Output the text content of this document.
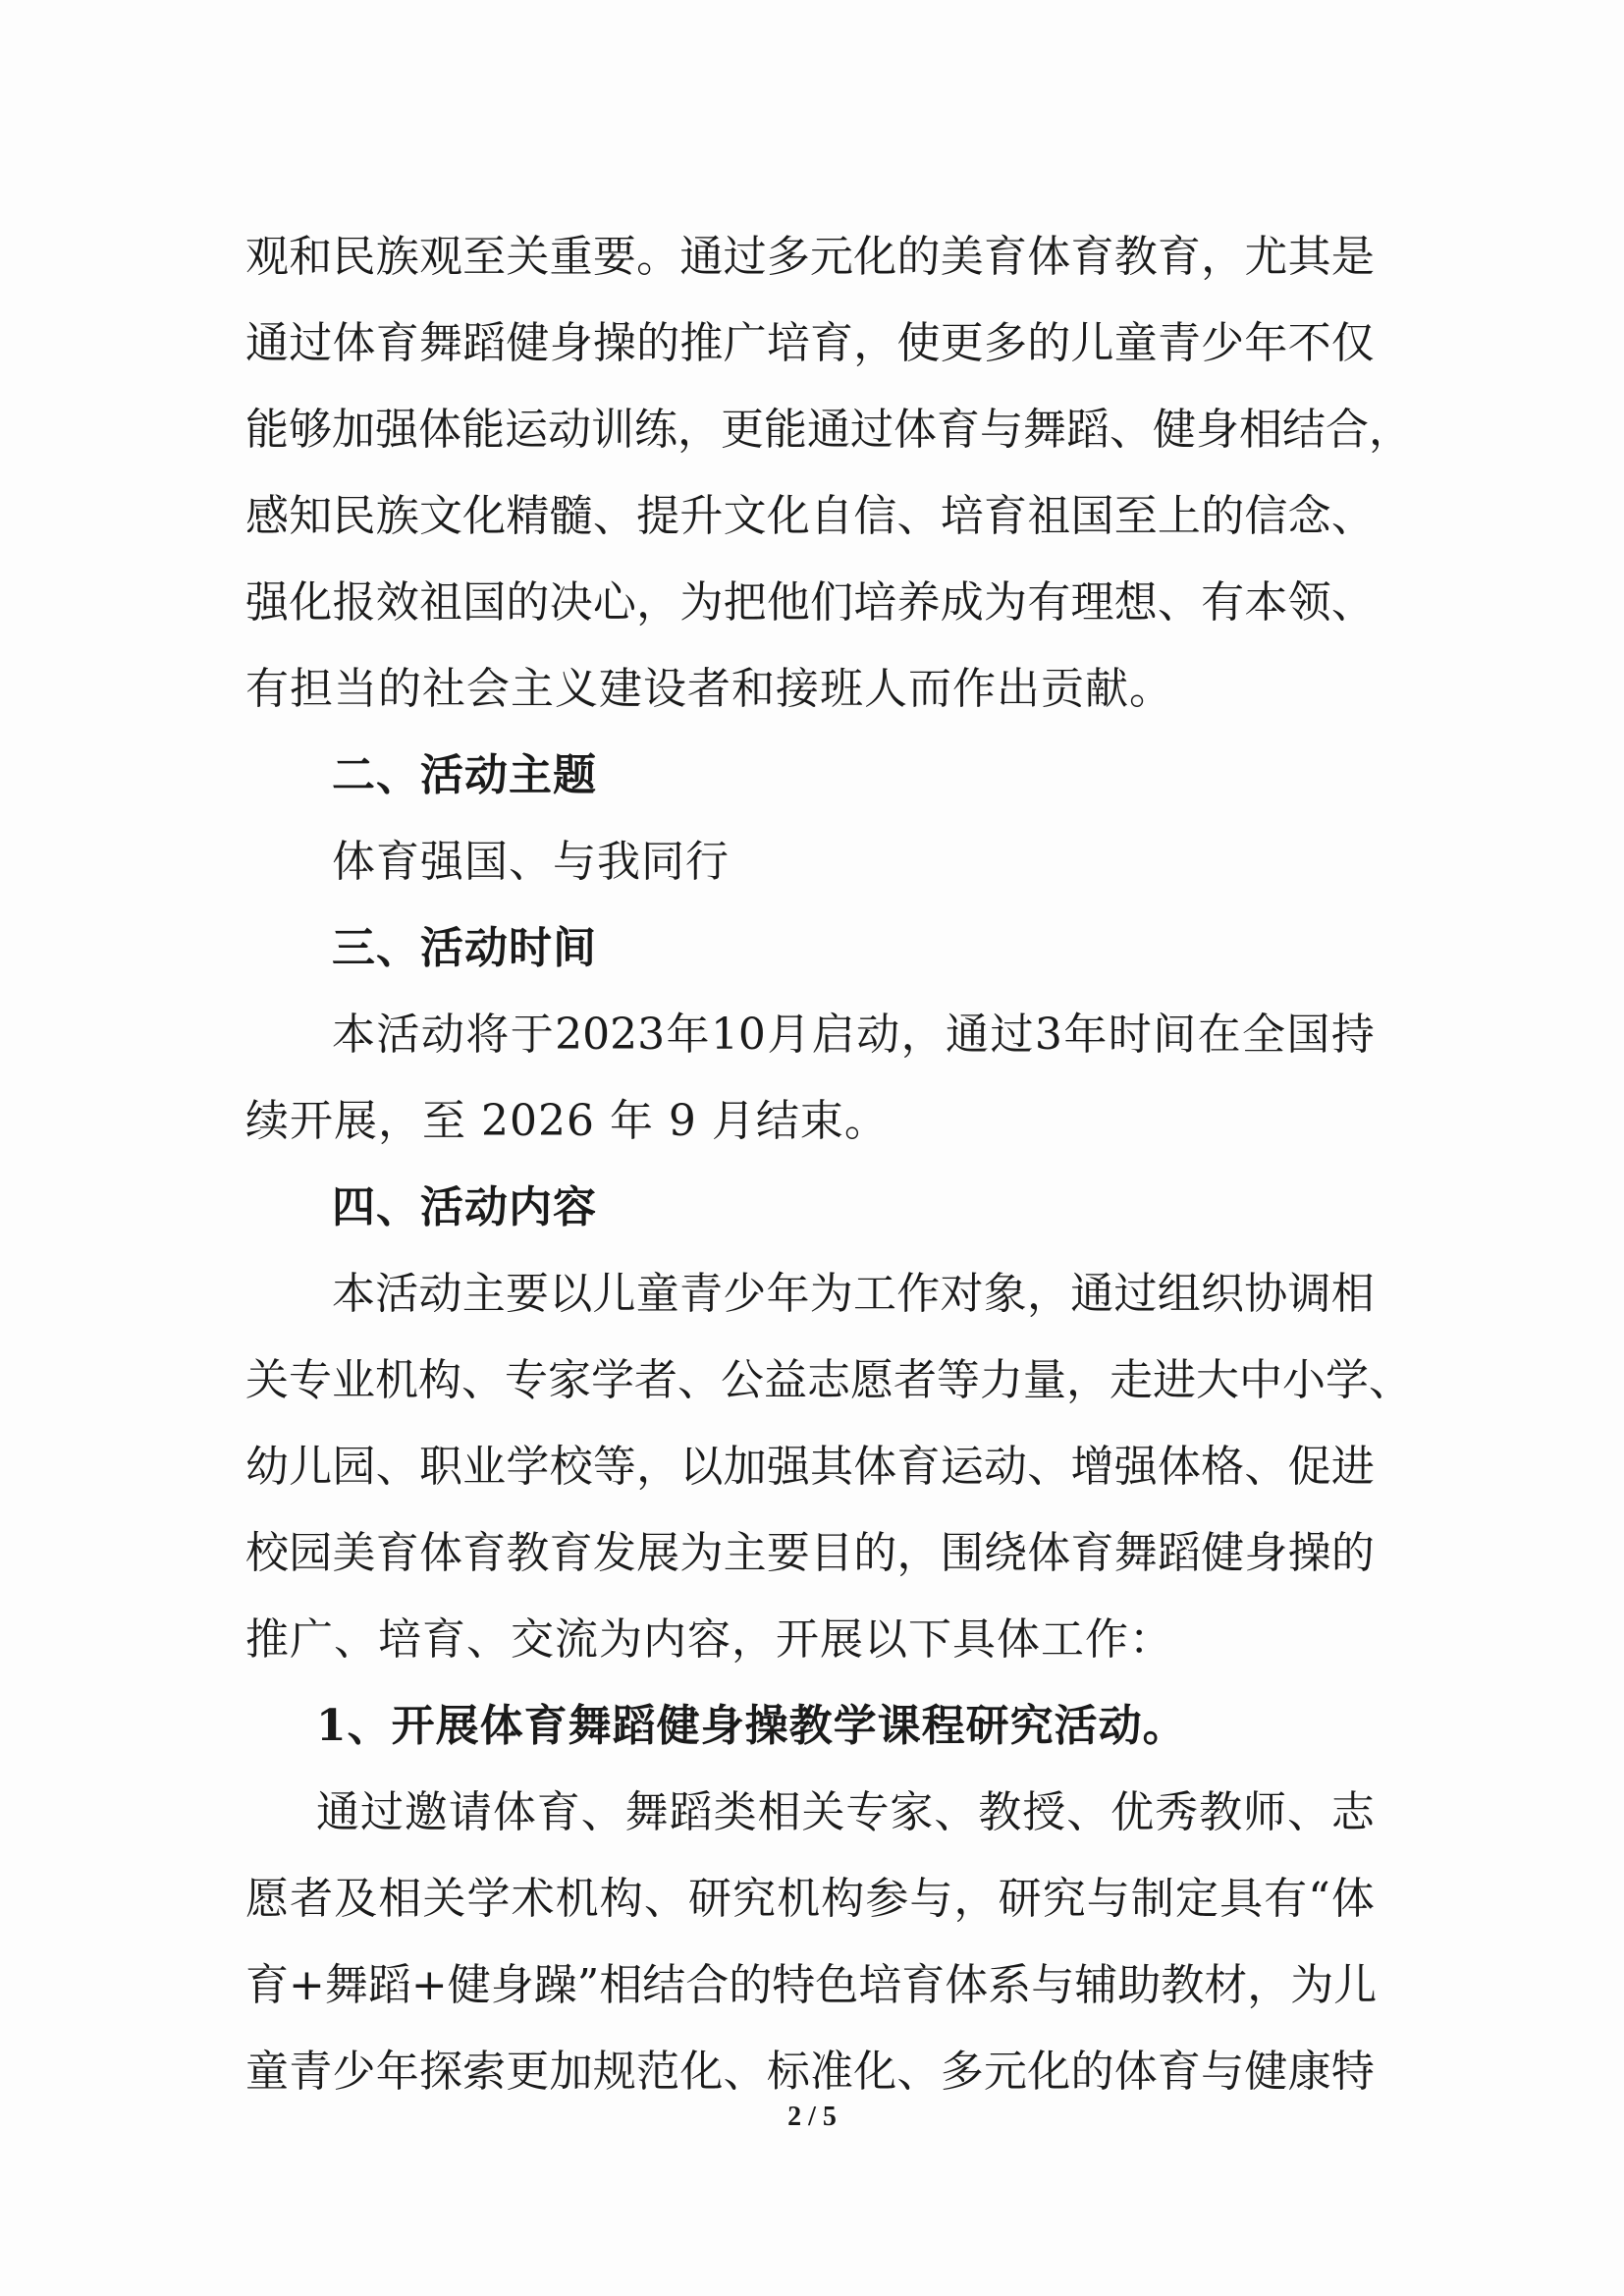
观 和 民 族 观 至 关 重 要 。 通 过 多 元 化 的 美 育 体 育 教 育 ， 尤 其 是
通 过 体 育 舞 蹈 健 身 操 的 推 广 培 育 ， 使 更 多 的 儿 童 青 少 年 不 仅
能 够 加 强 体 能 运 动 训 练 ， 更 能 通 过 体 育 与 舞 蹈 、 健 身 相 结 合 ，
感 知 民 族 文 化 精 髓 、 提 升 文 化 自 信 、 培 育 祖 国 至 上 的 信 念 、
强 化 报 效 祖 国 的 决 心 ， 为 把 他 们 培 养 成 为 有 理 想 、 有 本 领 、
有担当的社会主义建设者和接班人而作出贡献。
二、活动主题
体育强国、与我同行
三、活动时间
本 活 动 将 于 2023 年 10 月 启 动 ， 通 过 3 年 时 间 在 全 国 持
续开展，至 2026 年 9 月结束。
四、活动内容
本 活 动 主 要 以 儿 童 青 少 年 为 工 作 对 象 ， 通 过 组 织 协 调 相
关 专 业 机 构 、 专 家 学 者 、 公 益 志 愿 者 等 力 量 ， 走 进 大 中 小 学 、
幼 儿 园 、 职 业 学 校 等 ， 以 加 强 其 体 育 运 动 、 增 强 体 格 、 促 进
校 园 美 育 体 育 教 育 发 展 为 主 要 目 的 ， 围 绕 体 育 舞 蹈 健 身 操 的
推广、培育、交流为内容，开展以下具体工作：
1、开展体育舞蹈健身操教学课程研究活动。
通 过 邀 请 体 育 、 舞 蹈 类 相 关 专 家 、 教 授 、 优 秀 教 师 、 志
愿 者 及 相 关 学 术 机 构 、 研 究 机 构 参 与 ， 研 究 与 制 定 具 有 “ 体
育 + 舞 蹈 + 健 身 躁 ” 相 结 合 的 特 色 培 育 体 系 与 辅 助 教 材 ， 为 儿
童 青 少 年 探 索 更 加 规 范 化 、 标 准 化 、 多 元 化 的 体 育 与 健 康 特
2 / 5
